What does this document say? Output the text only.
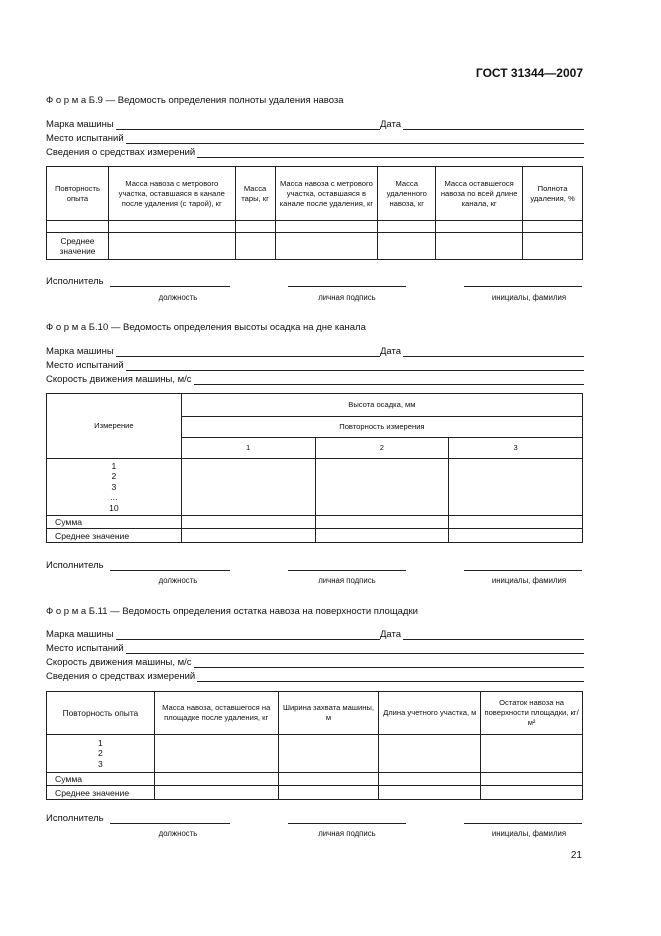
ГОСТ 31344—2007
Ф о р м а Б.9 — Ведомость определения полноты удаления навоза
Марка машины	Дата
Место испытаний
Сведения о средствах измерений
Повторность опыта	Масса навоза с метрового участка, оставшаяся в канале после удаления (с тарой), кг	Масса тары, кг	Масса навоза с метрового участка, оставшаяся в канале после удаления, кг	Масса удаленного навоза, кг	Масса оставшегося навоза по всей длине канала, кг	Полнота удаления, %

Среднее значение						
Исполнитель
должность	личная подпись	инициалы, фамилия
Ф о р м а Б.10 — Ведомость определения высоты осадка на дне канала
Марка машины	Дата
Место испытаний
Скорость движения машины, м/с
Измерение	Высота осадка, мм		
	Повторность измерения		
	1	2	3
1
2
3
...
10			
Сумма			
Среднее значение			
Исполнитель
должность	личная подпись	инициалы, фамилия
Ф о р м а Б.11 — Ведомость определения остатка навоза на поверхности площадки
Марка машины	Дата
Место испытаний
Скорость движения машины, м/с
Сведения о средствах измерений
Повторность опыта	Масса навоза, оставшегося на площадке после удаления, кг	Ширина захвата машины, м	Длина учетного участка, м	Остаток навоза на поверхности площадки, кг/м²
1
2
3				
Сумма				
Среднее значение				
Исполнитель
должность	личная подпись	инициалы, фамилия
21
